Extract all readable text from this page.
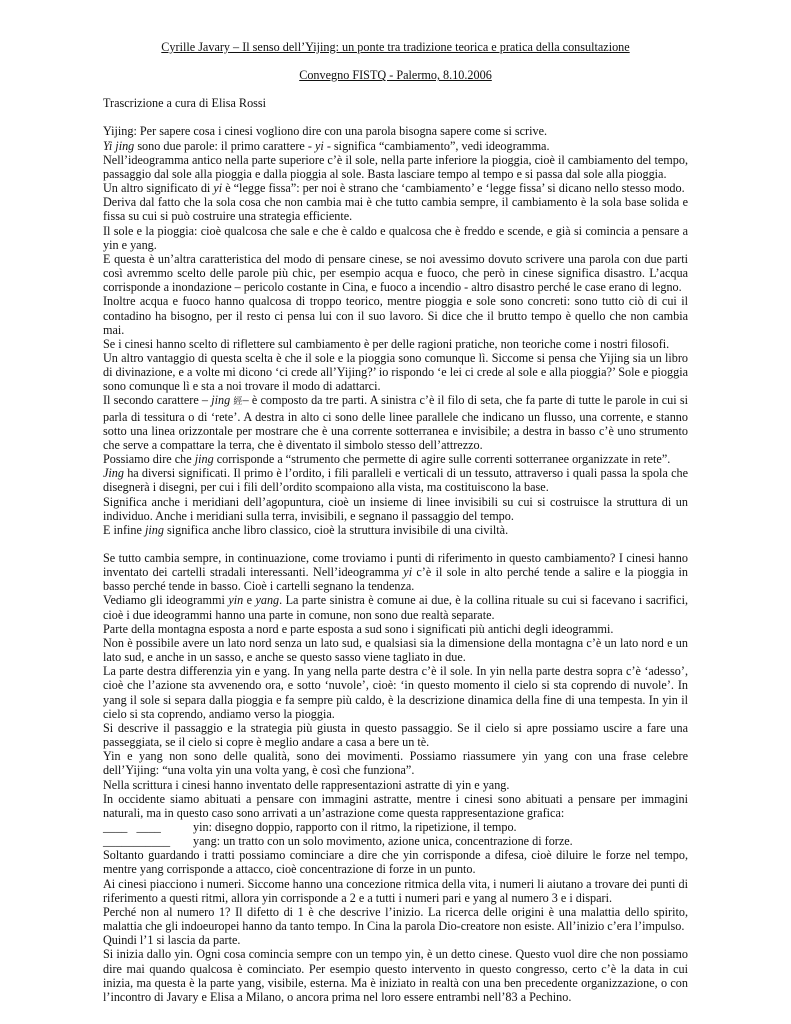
Cyrille Javary – Il senso dell’Yijing: un ponte tra tradizione teorica e pratica della consultazione
Convegno FISTQ - Palermo, 8.10.2006
Trascrizione a cura di Elisa Rossi

Yijing: Per sapere cosa i cinesi vogliono dire con una parola bisogna sapere come si scrive.

Yi jing sono due parole: il primo carattere - yi - significa “cambiamento”, vedi ideogramma.

Nell’ideogramma antico nella parte superiore c’è il sole, nella parte inferiore la pioggia, cioè il cambiamento del tempo, passaggio dal sole alla pioggia e dalla pioggia al sole. Basta lasciare tempo al tempo e si passa dal sole alla pioggia.

Un altro significato di yi è “legge fissa”: per noi è strano che ‘cambiamento’ e ‘legge fissa’ si dicano nello stesso modo.

Deriva dal fatto che la sola cosa che non cambia mai è che tutto cambia sempre, il cambiamento è la sola base solida e fissa su cui si può costruire una strategia efficiente.

Il sole e la pioggia: cioè qualcosa che sale e che è caldo e qualcosa che è freddo e scende, e già si comincia a pensare a yin e yang.

E questa è un’altra caratteristica del modo di pensare cinese, se noi avessimo dovuto scrivere una parola con due parti così avremmo scelto delle parole più chic, per esempio acqua e fuoco, che però in cinese significa disastro. L’acqua corrisponde a inondazione – pericolo costante in Cina, e fuoco a incendio - altro disastro perché le case erano di legno.

Inoltre acqua e fuoco hanno qualcosa di troppo teorico, mentre pioggia e sole sono concreti: sono tutto ciò di cui il contadino ha bisogno, per il resto ci pensa lui con il suo lavoro. Si dice che il brutto tempo è quello che non cambia mai.

Se i cinesi hanno scelto di riflettere sul cambiamento è per delle ragioni pratiche, non teoriche come i nostri filosofi.

Un altro vantaggio di questa scelta è che il sole e la pioggia sono comunque lì. Siccome si pensa che Yijing sia un libro di divinazione, e a volte mi dicono ‘ci crede all’Yijing?’ io rispondo ‘e lei ci crede al sole e alla pioggia?’ Sole e pioggia sono comunque lì e sta a noi trovare il modo di adattarci.

Il secondo carattere – jing 經– è composto da tre parti. A sinistra c’è il filo di seta, che fa parte di tutte le parole in cui si parla di tessitura o di ‘rete’. A destra in alto ci sono delle linee parallele che indicano un flusso, una corrente, e stanno sotto una linea orizzontale per mostrare che è una corrente sotterranea e invisibile; a destra in basso c’è uno strumento che serve a compattare la terra, che è diventato il simbolo stesso dell’attrezzo.

Possiamo dire che jing corrisponde a “strumento che permette di agire sulle correnti sotterranee organizzate in rete”.

Jing ha diversi significati. Il primo è l’ordito, i fili paralleli e verticali di un tessuto, attraverso i quali passa la spola che disegnerà i disegni, per cui i fili dell’ordito scompaiono alla vista, ma costituiscono la base.

Significa anche i meridiani dell’agopuntura, cioè un insieme di linee invisibili su cui si costruisce la struttura di un individuo. Anche i meridiani sulla terra, invisibili, e segnano il passaggio del tempo.

E infine jing significa anche libro classico, cioè la struttura invisibile di una civiltà.

Se tutto cambia sempre, in continuazione, come troviamo i punti di riferimento in questo cambiamento? I cinesi hanno inventato dei cartelli stradali interessanti. Nell’ideogramma yi c’è il sole in alto perché tende a salire e la pioggia in basso perché tende in basso. Cioè i cartelli segnano la tendenza.

Vediamo gli ideogrammi yin e yang. La parte sinistra è comune ai due, è la collina rituale su cui si facevano i sacrifici, cioè i due ideogrammi hanno una parte in comune, non sono due realtà separate.

Parte della montagna esposta a nord e parte esposta a sud sono i significati più antichi degli ideogrammi.

Non è possibile avere un lato nord senza un lato sud, e qualsiasi sia la dimensione della montagna c’è un lato nord e un lato sud, e anche in un sasso, e anche se questo sasso viene tagliato in due.

La parte destra differenzia yin e yang. In yang nella parte destra c’è il sole. In yin nella parte destra sopra c’è ‘adesso’, cioè che l’azione sta avvenendo ora, e sotto ‘nuvole’, cioè: ‘in questo momento il cielo si sta coprendo di nuvole’. In yang il sole si separa dalla pioggia e fa sempre più caldo, è la descrizione dinamica della fine di una tempesta. In yin il cielo si sta coprendo, andiamo verso la pioggia.

Si descrive il passaggio e la strategia più giusta in questo passaggio. Se il cielo si apre possiamo uscire a fare una passeggiata, se il cielo si copre è meglio andare a casa a bere un tè.

Yin e yang non sono delle qualità, sono dei movimenti. Possiamo riassumere yin yang con una frase celebre dell’Yijing: “una volta yin una volta yang, è così che funziona”.

Nella scrittura i cinesi hanno inventato delle rappresentazioni astratte di yin e yang.

In occidente siamo abituati a pensare con immagini astratte, mentre i cinesi sono abituati a pensare per immagini naturali, ma in questo caso sono arrivati a un’astrazione come questa rappresentazione grafica:

____   ____	yin: disegno doppio, rapporto con il ritmo, la ripetizione, il tempo.
___________	yang: un tratto con un solo movimento, azione unica, concentrazione di forze.

Soltanto guardando i tratti possiamo cominciare a dire che yin corrisponde a difesa, cioè diluire le forze nel tempo, mentre yang corrisponde a attacco, cioè concentrazione di forze in un punto.

Ai cinesi piacciono i numeri. Siccome hanno una concezione ritmica della vita, i numeri li aiutano a trovare dei punti di riferimento a questi ritmi, allora yin corrisponde a 2 e a tutti i numeri pari e yang al numero 3 e i dispari.

Perché non al numero 1? Il difetto di 1 è che descrive l’inizio. La ricerca delle origini è una malattia dello spirito, malattia che gli indoeuropei hanno da tanto tempo. In Cina la parola Dio-creatore non esiste. All’inizio c’era l’impulso.

Quindi l’1 si lascia da parte.

Si inizia dallo yin. Ogni cosa comincia sempre con un tempo yin, è un detto cinese. Questo vuol dire che non possiamo dire mai quando qualcosa è cominciato. Per esempio questo intervento in questo congresso, certo c’è la data in cui inizia, ma questa è la parte yang, visibile, esterna. Ma è iniziato in realtà con una ben precedente organizzazione, o con l’incontro di Javary e Elisa a Milano, o ancora prima nel loro essere entrambi nell’83 a Pechino.
